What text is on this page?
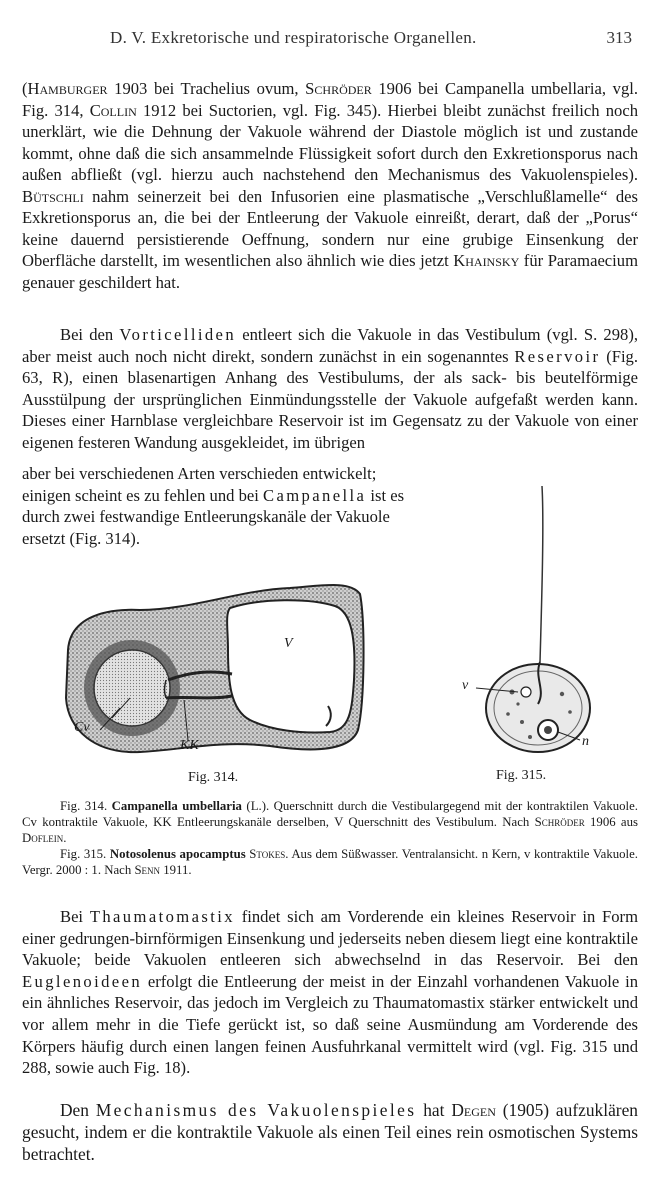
D. V. Exkretorische und respiratorische Organellen.	313

(Hamburger 1903 bei Trachelius ovum, Schröder 1906 bei Campanella umbellaria, vgl. Fig. 314, Collin 1912 bei Suctorien, vgl. Fig. 345). Hierbei bleibt zunächst freilich noch unerklärt, wie die Dehnung der Vakuole während der Diastole möglich ist und zustande kommt, ohne daß die sich ansammelnde Flüssigkeit sofort durch den Exkretionsporus nach außen abfließt (vgl. hierzu auch nachstehend den Mechanismus des Vakuolenspieles). Bütschli nahm seinerzeit bei den Infusorien eine plasmatische „Verschlußlamelle“ des Exkretionsporus an, die bei der Entleerung der Vakuole einreißt, derart, daß der „Porus“ keine dauernd persistierende Oeffnung, sondern nur eine grubige Einsenkung der Oberfläche darstellt, im wesentlichen also ähnlich wie dies jetzt Khainsky für Paramaecium genauer geschildert hat.

Bei den Vorticelliden entleert sich die Vakuole in das Vestibulum (vgl. S. 298), aber meist auch noch nicht direkt, sondern zunächst in ein sogenanntes Reservoir (Fig. 63, R), einen blasenartigen Anhang des Vestibulums, der als sack- bis beutelförmige Ausstülpung der ursprünglichen Einmündungsstelle der Vakuole aufgefaßt werden kann. Dieses einer Harnblase vergleichbare Reservoir ist im Gegensatz zu der Vakuole von einer eigenen festeren Wandung ausgekleidet, im übrigen

aber bei verschiedenen Arten verschieden entwickelt; einigen scheint es zu fehlen und bei Campanella ist es durch zwei festwandige Entleerungskanäle der Vakuole ersetzt (Fig. 314).

V
Cv
KK
Fig. 314.
v
n
Fig. 315.

Fig. 314. Campanella umbellaria (L.). Querschnitt durch die Vestibulargegend mit der kontraktilen Vakuole. Cv kontraktile Vakuole, KK Entleerungskanäle derselben, V Querschnitt des Vestibulum. Nach Schröder 1906 aus Doflein.

Fig. 315. Notosolenus apocamptus Stokes. Aus dem Süßwasser. Ventralansicht. n Kern, v kontraktile Vakuole. Vergr. 2000 : 1. Nach Senn 1911.

Bei Thaumatomastix findet sich am Vorderende ein kleines Reservoir in Form einer gedrungen-birnförmigen Einsenkung und jederseits neben diesem liegt eine kontraktile Vakuole; beide Vakuolen entleeren sich abwechselnd in das Reservoir. Bei den Euglenoideen erfolgt die Entleerung der meist in der Einzahl vorhandenen Vakuole in ein ähnliches Reservoir, das jedoch im Vergleich zu Thaumatomastix stärker entwickelt und vor allem mehr in die Tiefe gerückt ist, so daß seine Ausmündung am Vorderende des Körpers häufig durch einen langen feinen Ausfuhrkanal vermittelt wird (vgl. Fig. 315 und 288, sowie auch Fig. 18).

Den Mechanismus des Vakuolenspieles hat Degen (1905) aufzuklären gesucht, indem er die kontraktile Vakuole als einen Teil eines rein osmotischen Systems betrachtet.
